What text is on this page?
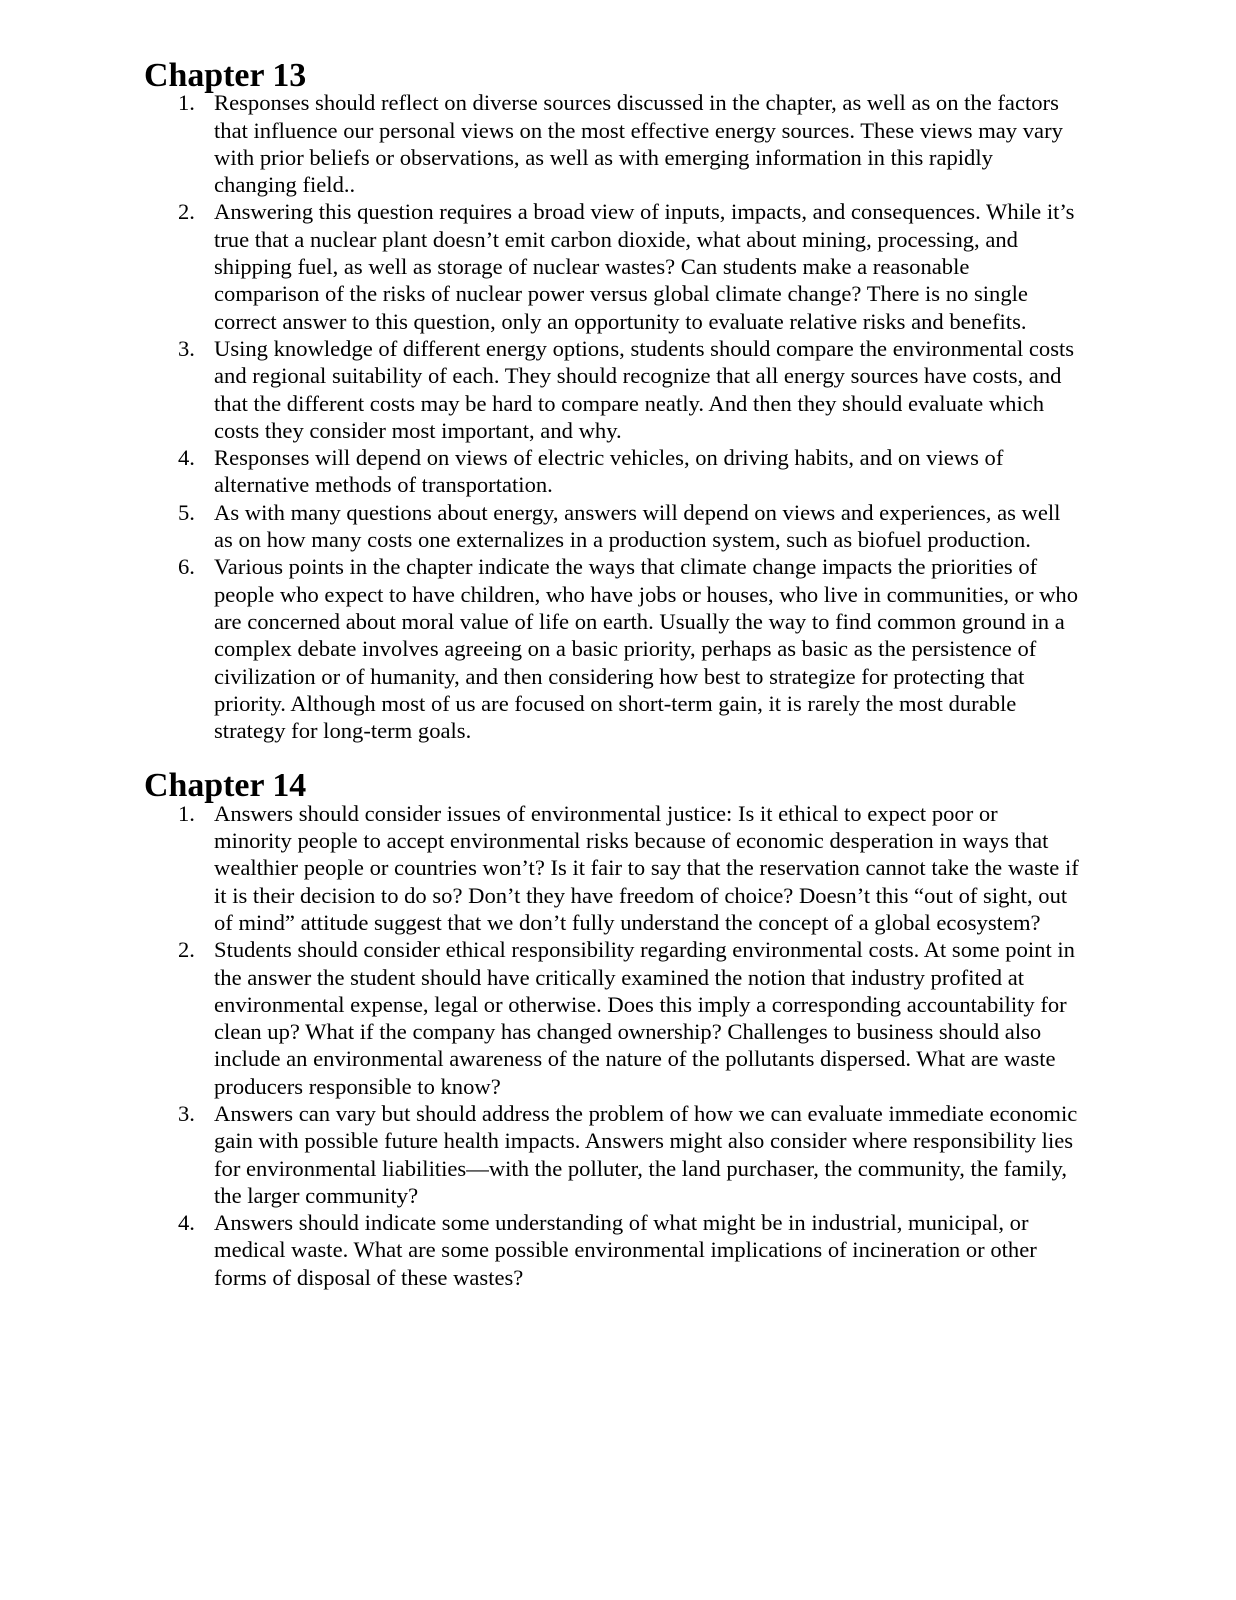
Chapter 13
1. Responses should reflect on diverse sources discussed in the chapter, as well as on the factors that influence our personal views on the most effective energy sources. These views may vary with prior beliefs or observations, as well as with emerging information in this rapidly changing field..
2. Answering this question requires a broad view of inputs, impacts, and consequences. While it’s true that a nuclear plant doesn’t emit carbon dioxide, what about mining, processing, and shipping fuel, as well as storage of nuclear wastes? Can students make a reasonable comparison of the risks of nuclear power versus global climate change? There is no single correct answer to this question, only an opportunity to evaluate relative risks and benefits.
3. Using knowledge of different energy options, students should compare the environmental costs and regional suitability of each. They should recognize that all energy sources have costs, and that the different costs may be hard to compare neatly. And then they should evaluate which costs they consider most important, and why.
4. Responses will depend on views of electric vehicles, on driving habits, and on views of alternative methods of transportation.
5. As with many questions about energy, answers will depend on views and experiences, as well as on how many costs one externalizes in a production system, such as biofuel production.
6. Various points in the chapter indicate the ways that climate change impacts the priorities of people who expect to have children, who have jobs or houses, who live in communities, or who are concerned about moral value of life on earth. Usually the way to find common ground in a complex debate involves agreeing on a basic priority, perhaps as basic as the persistence of civilization or of humanity, and then considering how best to strategize for protecting that priority. Although most of us are focused on short-term gain, it is rarely the most durable strategy for long-term goals.
Chapter 14
1. Answers should consider issues of environmental justice: Is it ethical to expect poor or minority people to accept environmental risks because of economic desperation in ways that wealthier people or countries won’t? Is it fair to say that the reservation cannot take the waste if it is their decision to do so? Don’t they have freedom of choice? Doesn’t this “out of sight, out of mind” attitude suggest that we don’t fully understand the concept of a global ecosystem?
2. Students should consider ethical responsibility regarding environmental costs. At some point in the answer the student should have critically examined the notion that industry profited at environmental expense, legal or otherwise. Does this imply a corresponding accountability for clean up? What if the company has changed ownership? Challenges to business should also include an environmental awareness of the nature of the pollutants dispersed. What are waste producers responsible to know?
3. Answers can vary but should address the problem of how we can evaluate immediate economic gain with possible future health impacts. Answers might also consider where responsibility lies for environmental liabilities—with the polluter, the land purchaser, the community, the family, the larger community?
4. Answers should indicate some understanding of what might be in industrial, municipal, or medical waste. What are some possible environmental implications of incineration or other forms of disposal of these wastes?
